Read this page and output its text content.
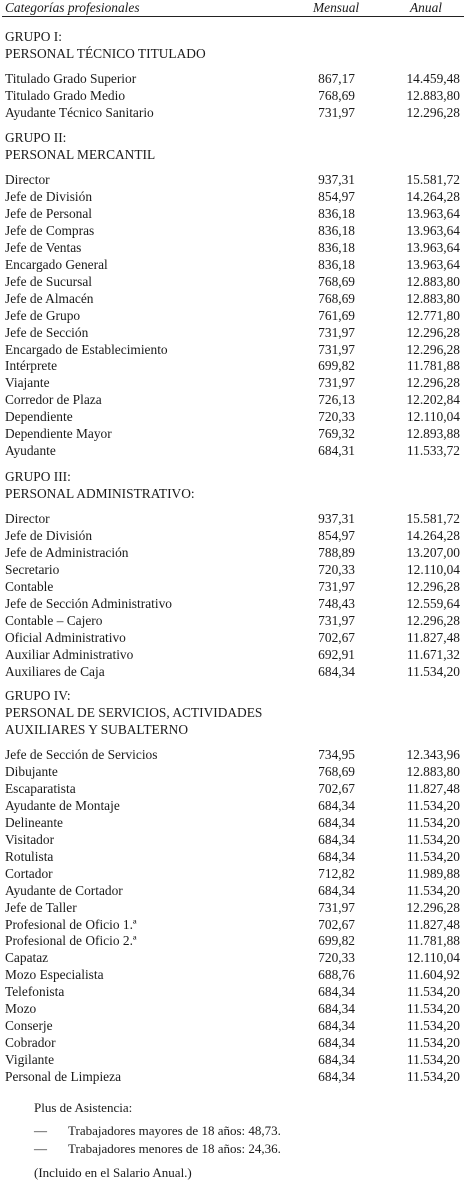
Categorías profesionales	Mensual	Anual
GRUPO I:
PERSONAL TÉCNICO TITULADO
Titulado Grado Superior	867,17	14.459,48
Titulado Grado Medio	768,69	12.883,80
Ayudante Técnico Sanitario	731,97	12.296,28
GRUPO II:
PERSONAL MERCANTIL
Director	937,31	15.581,72
Jefe de División	854,97	14.264,28
Jefe de Personal	836,18	13.963,64
Jefe de Compras	836,18	13.963,64
Jefe de Ventas	836,18	13.963,64
Encargado General	836,18	13.963,64
Jefe de Sucursal	768,69	12.883,80
Jefe de Almacén	768,69	12.883,80
Jefe de Grupo	761,69	12.771,80
Jefe de Sección	731,97	12.296,28
Encargado de Establecimiento	731,97	12.296,28
Intérprete	699,82	11.781,88
Viajante	731,97	12.296,28
Corredor de Plaza	726,13	12.202,84
Dependiente	720,33	12.110,04
Dependiente Mayor	769,32	12.893,88
Ayudante	684,31	11.533,72
GRUPO III:
PERSONAL ADMINISTRATIVO:
Director	937,31	15.581,72
Jefe de División	854,97	14.264,28
Jefe de Administración	788,89	13.207,00
Secretario	720,33	12.110,04
Contable	731,97	12.296,28
Jefe de Sección Administrativo	748,43	12.559,64
Contable – Cajero	731,97	12.296,28
Oficial Administrativo	702,67	11.827,48
Auxiliar Administrativo	692,91	11.671,32
Auxiliares de Caja	684,34	11.534,20
GRUPO IV:
PERSONAL DE SERVICIOS, ACTIVIDADES
AUXILIARES Y SUBALTERNO
Jefe de Sección de Servicios	734,95	12.343,96
Dibujante	768,69	12.883,80
Escaparatista	702,67	11.827,48
Ayudante de Montaje	684,34	11.534,20
Delineante	684,34	11.534,20
Visitador	684,34	11.534,20
Rotulista	684,34	11.534,20
Cortador	712,82	11.989,88
Ayudante de Cortador	684,34	11.534,20
Jefe de Taller	731,97	12.296,28
Profesional de Oficio 1.ª	702,67	11.827,48
Profesional de Oficio 2.ª	699,82	11.781,88
Capataz	720,33	12.110,04
Mozo Especialista	688,76	11.604,92
Telefonista	684,34	11.534,20
Mozo	684,34	11.534,20
Conserje	684,34	11.534,20
Cobrador	684,34	11.534,20
Vigilante	684,34	11.534,20
Personal de Limpieza	684,34	11.534,20
Plus de Asistencia:
— Trabajadores mayores de 18 años: 48,73.
— Trabajadores menores de 18 años: 24,36.
(Incluido en el Salario Anual.)
